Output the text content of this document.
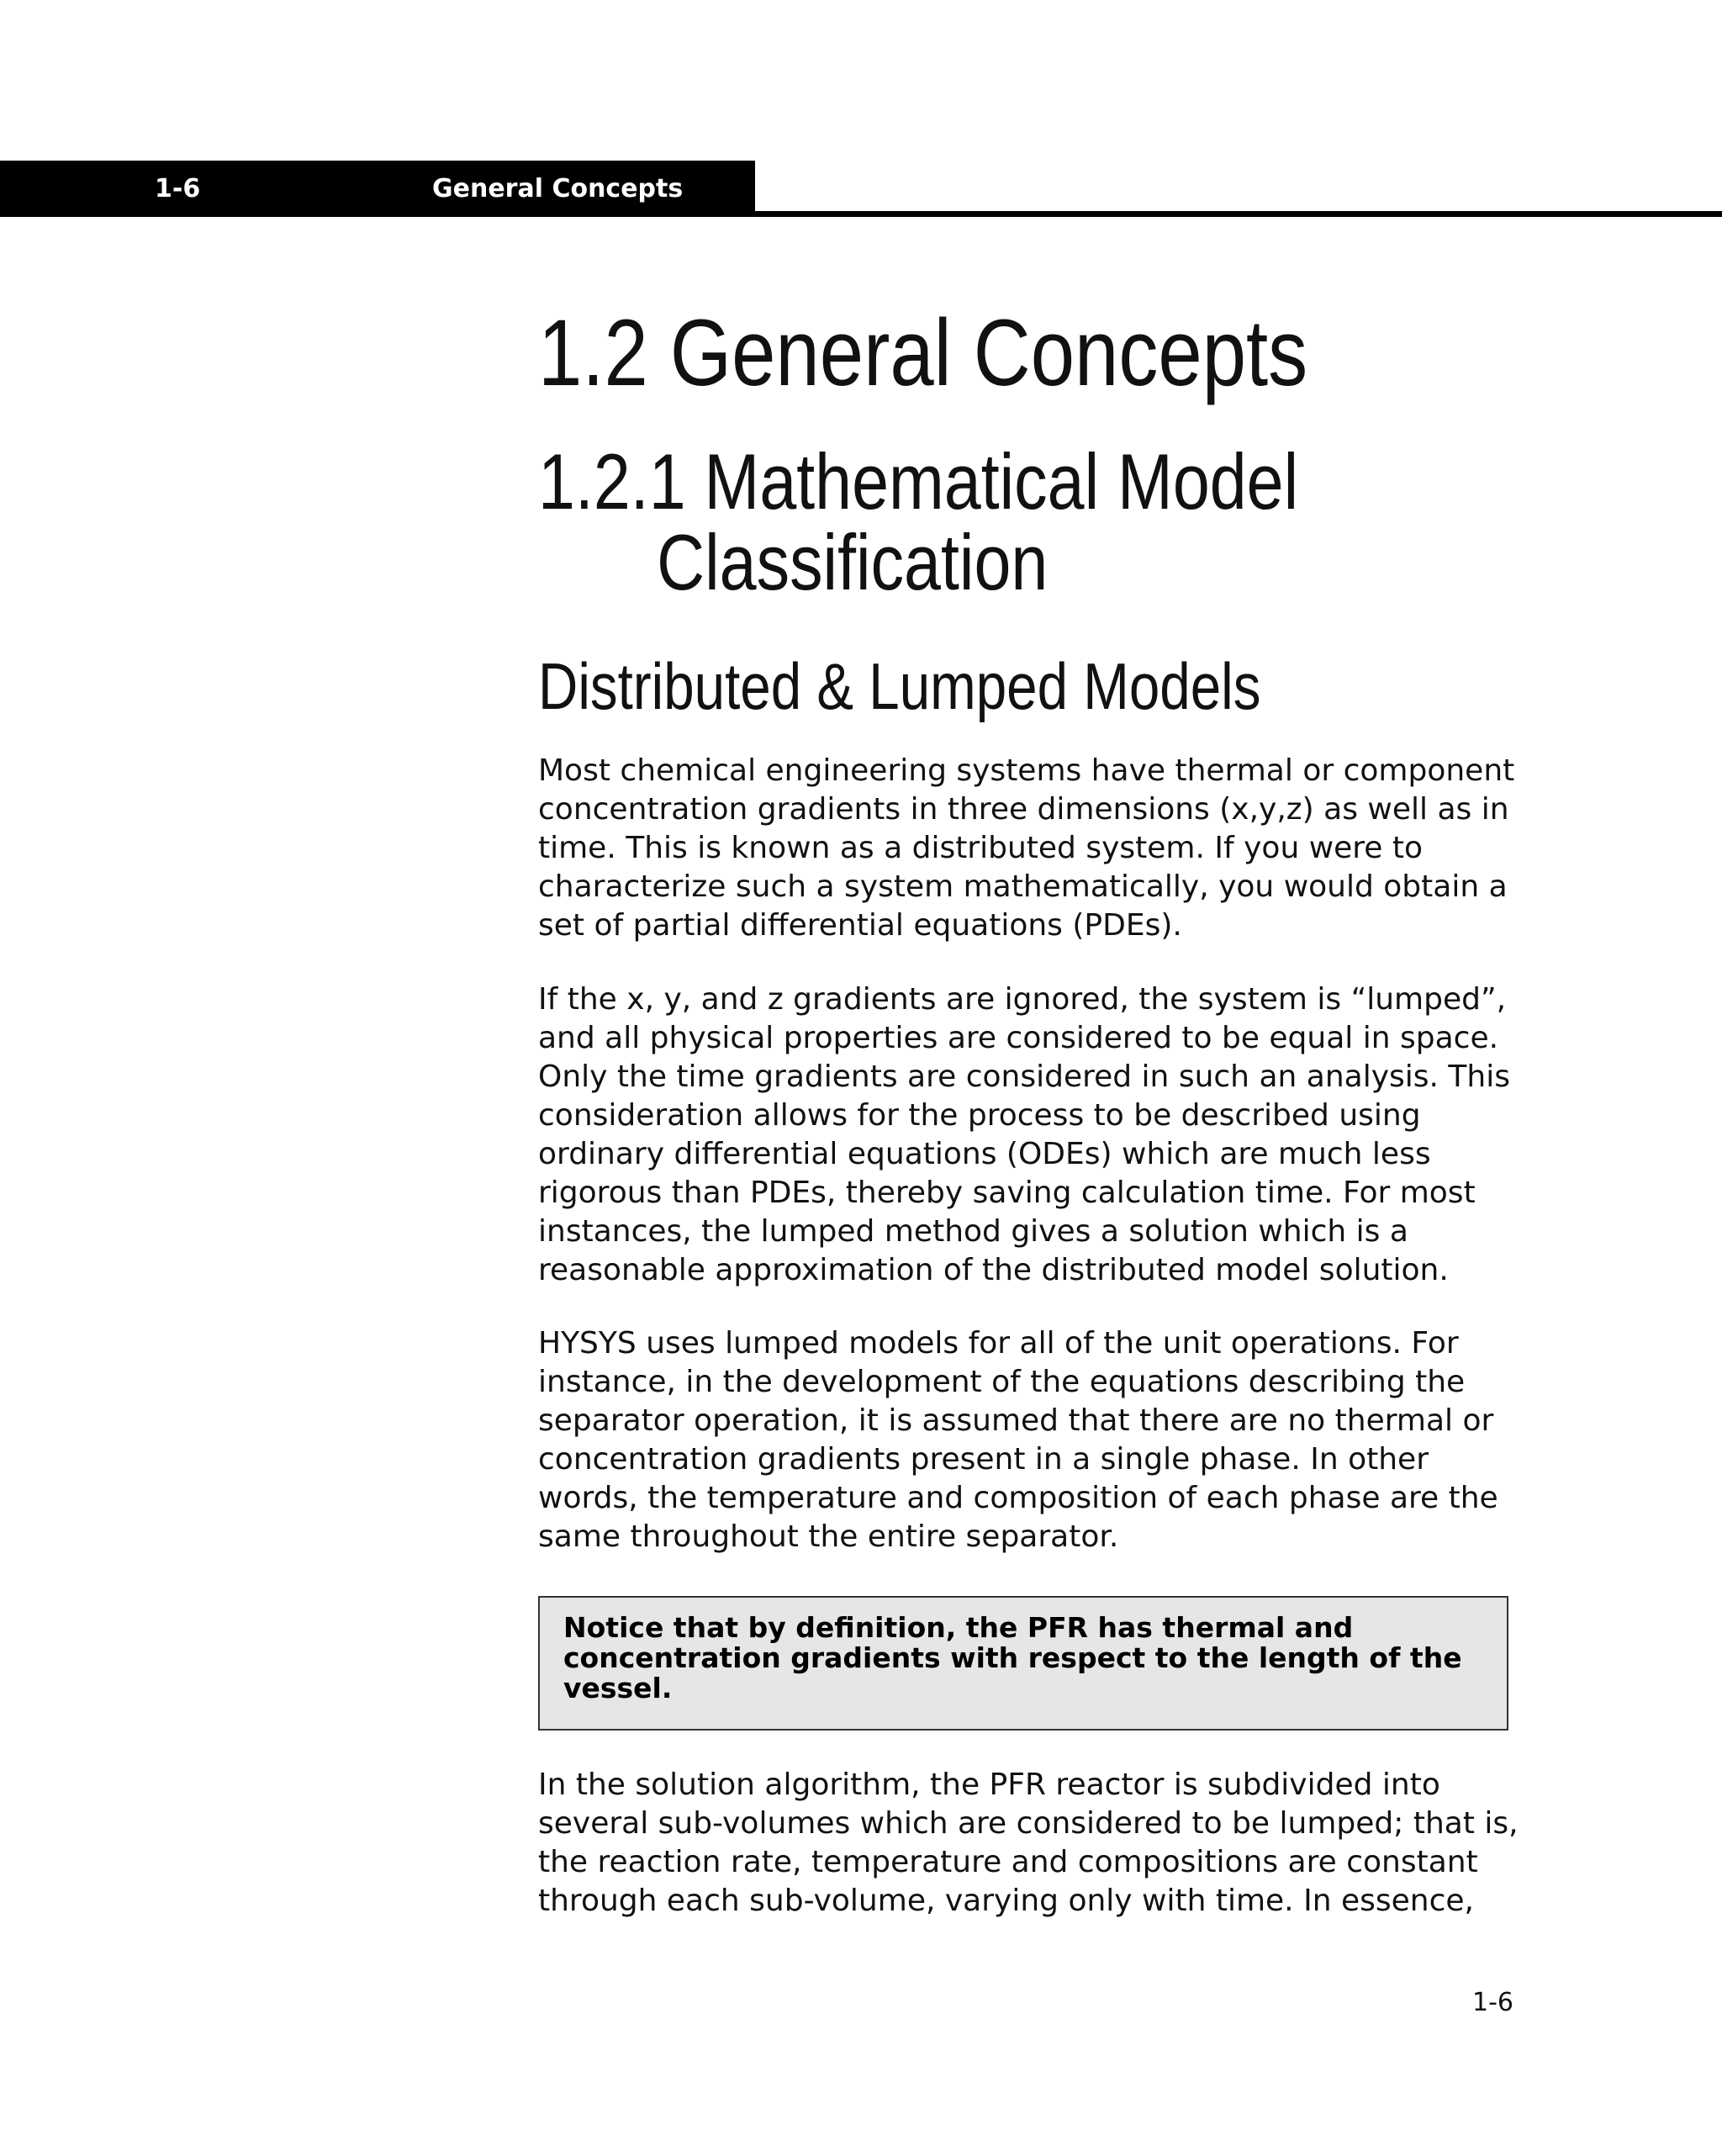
1-6	General Concepts
1.2 General Concepts
1.2.1 Mathematical Model
Classification
Distributed & Lumped Models

Most chemical engineering systems have thermal or component
concentration gradients in three dimensions (x,y,z) as well as in
time. This is known as a distributed system. If you were to
characterize such a system mathematically, you would obtain a
set of partial differential equations (PDEs).

If the x, y, and z gradients are ignored, the system is “lumped”,
and all physical properties are considered to be equal in space.
Only the time gradients are considered in such an analysis. This
consideration allows for the process to be described using
ordinary differential equations (ODEs) which are much less
rigorous than PDEs, thereby saving calculation time. For most
instances, the lumped method gives a solution which is a
reasonable approximation of the distributed model solution.

HYSYS uses lumped models for all of the unit operations. For
instance, in the development of the equations describing the
separator operation, it is assumed that there are no thermal or
concentration gradients present in a single phase. In other
words, the temperature and composition of each phase are the
same throughout the entire separator.

Notice that by definition, the PFR has thermal and
concentration gradients with respect to the length of the
vessel.

In the solution algorithm, the PFR reactor is subdivided into
several sub-volumes which are considered to be lumped; that is,
the reaction rate, temperature and compositions are constant
through each sub-volume, varying only with time. In essence,

1-6
